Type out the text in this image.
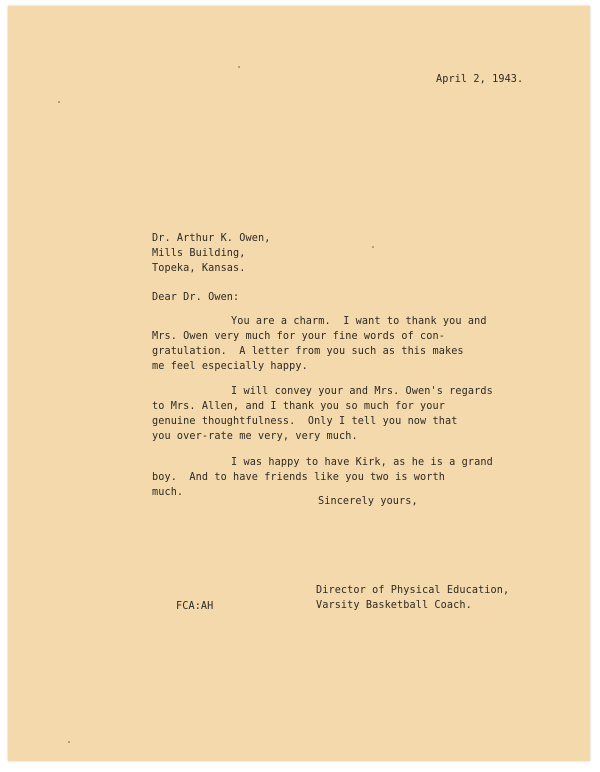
April 2, 1943.
Dr. Arthur K. Owen,
Mills Building,
Topeka, Kansas.
Dear Dr. Owen:
You are a charm.  I want to thank you and
Mrs. Owen very much for your fine words of con-
gratulation.  A letter from you such as this makes
me feel especially happy.
I will convey your and Mrs. Owen's regards
to Mrs. Allen, and I thank you so much for your
genuine thoughtfulness.  Only I tell you now that
you over-rate me very, very much.
I was happy to have Kirk, as he is a grand
boy.  And to have friends like you two is worth
much.
Sincerely yours,
Director of Physical Education,
Varsity Basketball Coach.
FCA:AH
